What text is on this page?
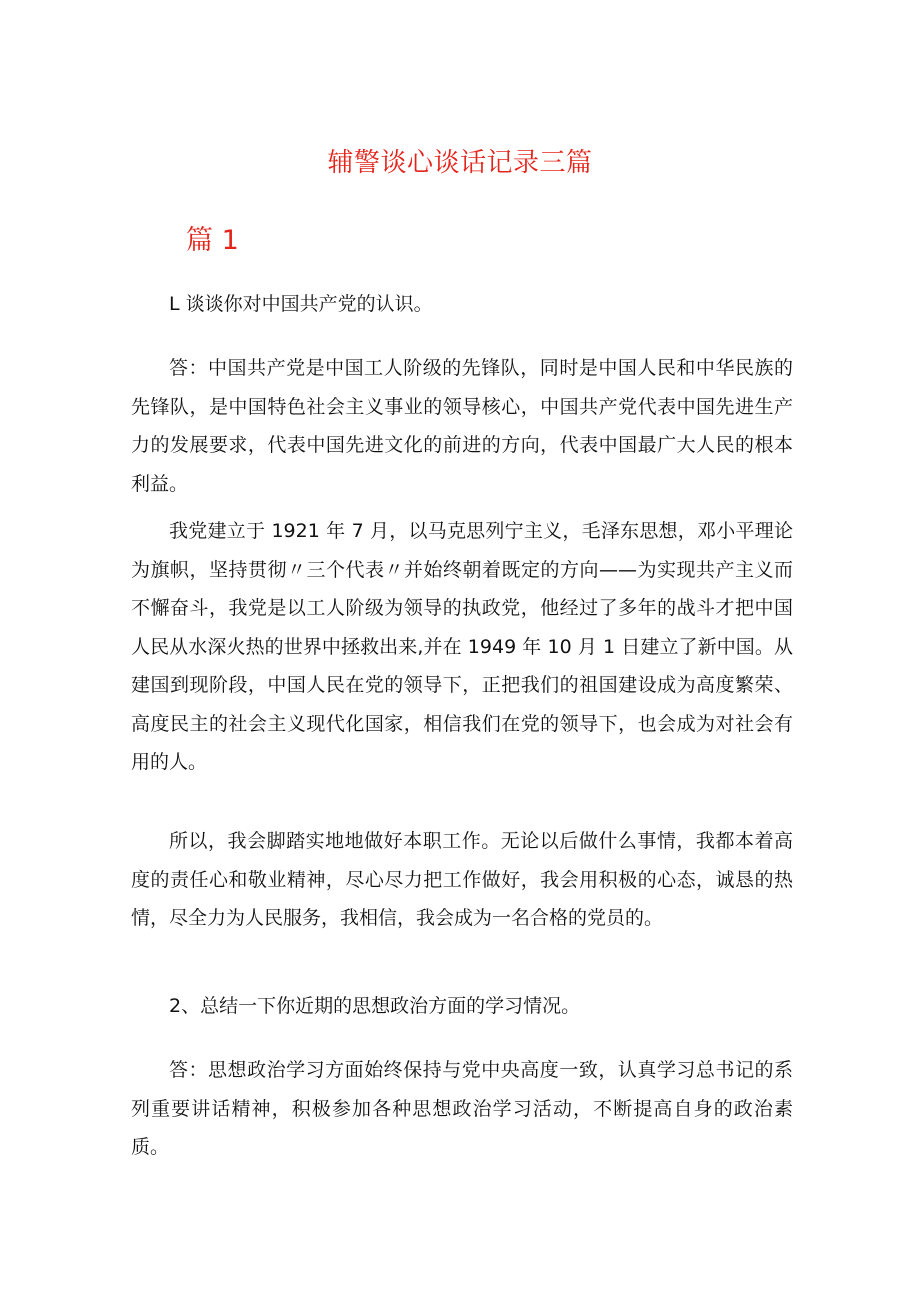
辅警谈心谈话记录三篇
篇 1

L 谈谈你对中国共产党的认识。

答：中国共产党是中国工人阶级的先锋队，同时是中国人民和中华民族的先锋队，是中国特色社会主义事业的领导核心，中国共产党代表中国先进生产力的发展要求，代表中国先进文化的前进的方向，代表中国最广大人民的根本利益。

我党建立于 1921 年 7 月，以马克思列宁主义，毛泽东思想，邓小平理论为旗帜，坚持贯彻〃三个代表〃并始终朝着既定的方向——为实现共产主义而不懈奋斗，我党是以工人阶级为领导的执政党，他经过了多年的战斗才把中国人民从水深火热的世界中拯救出来,并在 1949 年 10 月 1 日建立了新中国。从建国到现阶段，中国人民在党的领导下，正把我们的祖国建设成为高度繁荣、高度民主的社会主义现代化国家，相信我们在党的领导下，也会成为对社会有用的人。

所以，我会脚踏实地地做好本职工作。无论以后做什么事情，我都本着高度的责任心和敬业精神，尽心尽力把工作做好，我会用积极的心态，诚恳的热情，尽全力为人民服务，我相信，我会成为一名合格的党员的。

2、总结一下你近期的思想政治方面的学习情况。

答：思想政治学习方面始终保持与党中央高度一致，认真学习总书记的系列重要讲话精神，积极参加各种思想政治学习活动，不断提高自身的政治素质。
